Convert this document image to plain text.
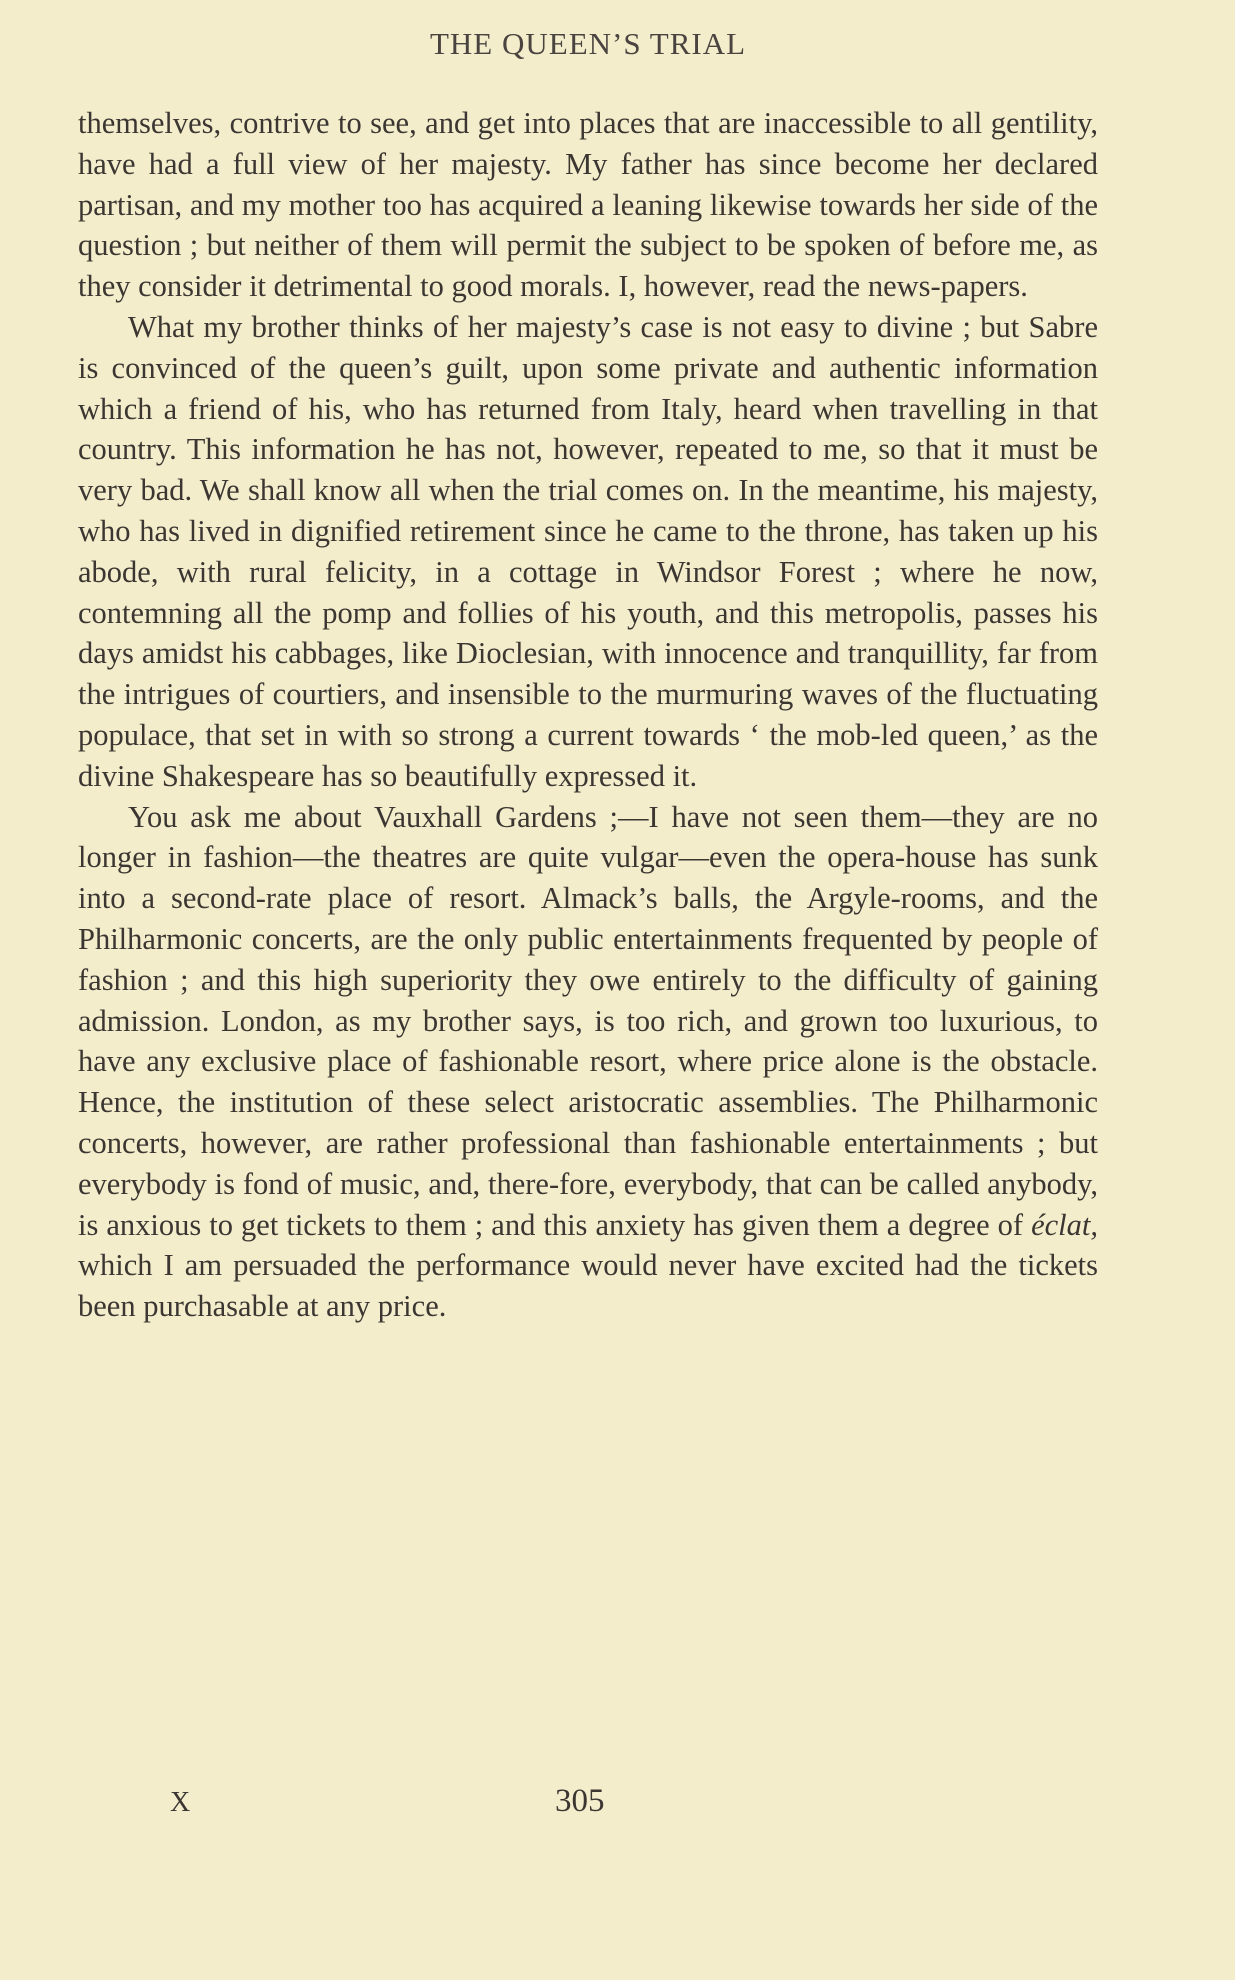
THE QUEEN’S TRIAL

themselves, contrive to see, and get into places that are inaccessible to all gentility, have had a full view of her majesty. My father has since become her declared partisan, and my mother too has acquired a leaning likewise towards her side of the question ; but neither of them will permit the subject to be spoken of before me, as they consider it detrimental to good morals. I, however, read the news-papers.

What my brother thinks of her majesty’s case is not easy to divine ; but Sabre is convinced of the queen’s guilt, upon some private and authentic information which a friend of his, who has returned from Italy, heard when travelling in that country. This information he has not, however, repeated to me, so that it must be very bad. We shall know all when the trial comes on. In the meantime, his majesty, who has lived in dignified retirement since he came to the throne, has taken up his abode, with rural felicity, in a cottage in Windsor Forest ; where he now, contemning all the pomp and follies of his youth, and this metropolis, passes his days amidst his cabbages, like Dioclesian, with innocence and tranquillity, far from the intrigues of courtiers, and insensible to the murmuring waves of the fluctuating populace, that set in with so strong a current towards ‘ the mob-led queen,’ as the divine Shakespeare has so beautifully expressed it.

You ask me about Vauxhall Gardens ;—I have not seen them—they are no longer in fashion—the theatres are quite vulgar—even the opera-house has sunk into a second-rate place of resort. Almack’s balls, the Argyle-rooms, and the Philharmonic concerts, are the only public entertainments frequented by people of fashion ; and this high superiority they owe entirely to the difficulty of gaining admission. London, as my brother says, is too rich, and grown too luxurious, to have any exclusive place of fashionable resort, where price alone is the obstacle. Hence, the institution of these select aristocratic assemblies. The Philharmonic concerts, however, are rather professional than fashionable entertainments ; but everybody is fond of music, and, there-fore, everybody, that can be called anybody, is anxious to get tickets to them ; and this anxiety has given them a degree of éclat, which I am persuaded the performance would never have excited had the tickets been purchasable at any price.

X	305
